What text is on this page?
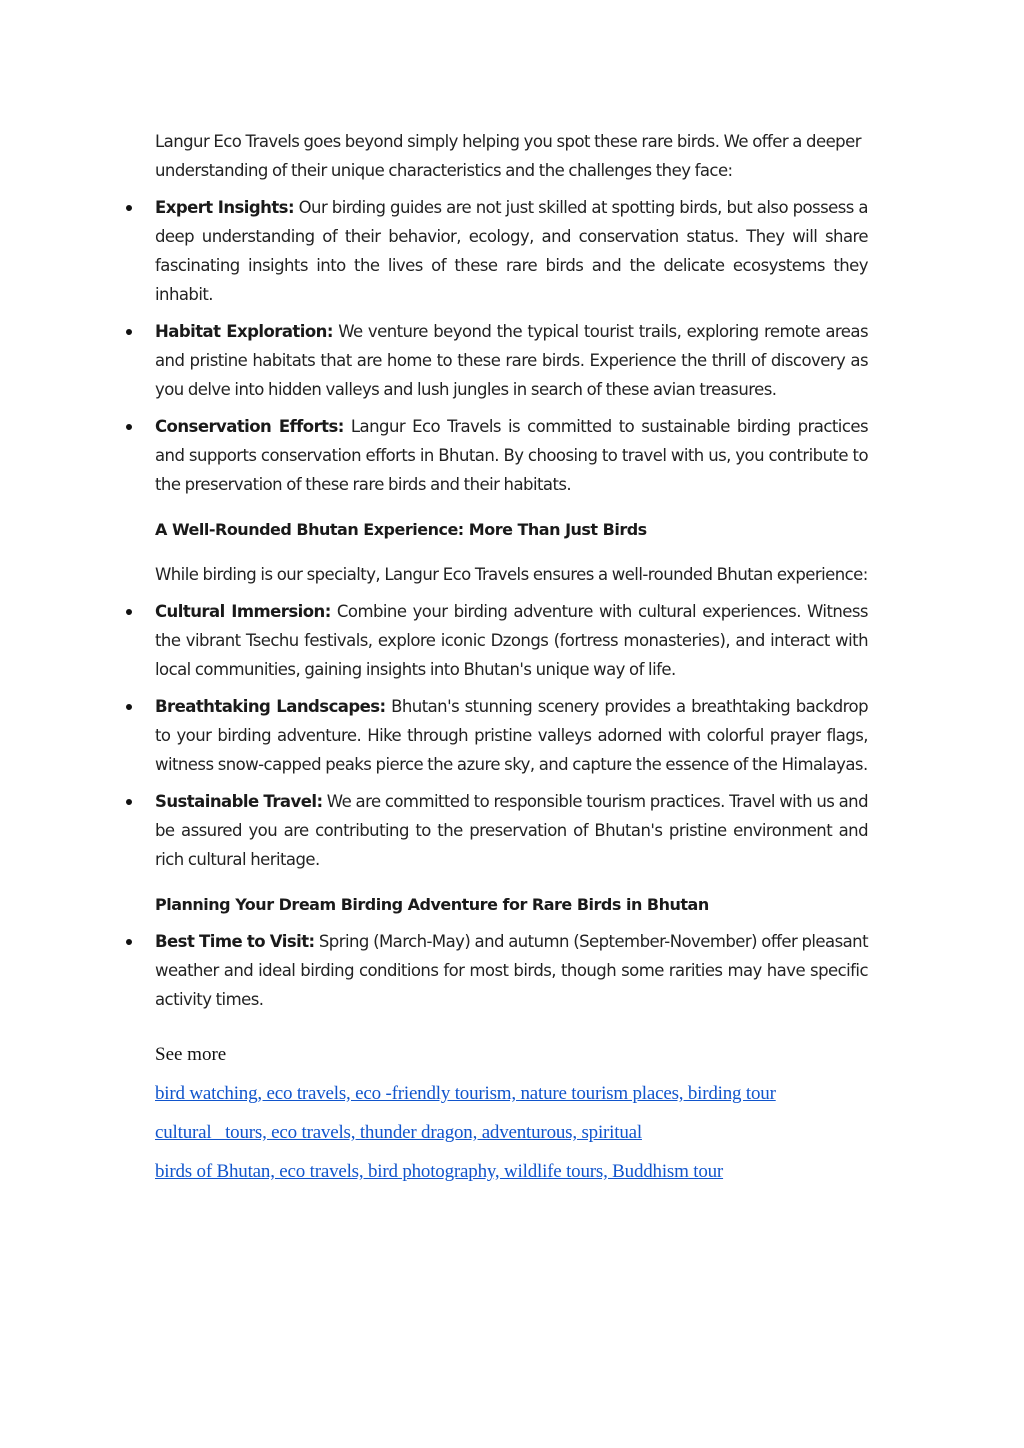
Langur Eco Travels goes beyond simply helping you spot these rare birds. We offer a deeper understanding of their unique characteristics and the challenges they face:

Expert Insights: Our birding guides are not just skilled at spotting birds, but also possess a deep understanding of their behavior, ecology, and conservation status. They will share fascinating insights into the lives of these rare birds and the delicate ecosystems they inhabit.
Habitat Exploration: We venture beyond the typical tourist trails, exploring remote areas and pristine habitats that are home to these rare birds. Experience the thrill of discovery as you delve into hidden valleys and lush jungles in search of these avian treasures.
Conservation Efforts: Langur Eco Travels is committed to sustainable birding practices and supports conservation efforts in Bhutan. By choosing to travel with us, you contribute to the preservation of these rare birds and their habitats.

A Well-Rounded Bhutan Experience: More Than Just Birds

While birding is our specialty, Langur Eco Travels ensures a well-rounded Bhutan experience:

Cultural Immersion: Combine your birding adventure with cultural experiences. Witness the vibrant Tsechu festivals, explore iconic Dzongs (fortress monasteries), and interact with local communities, gaining insights into Bhutan's unique way of life.
Breathtaking Landscapes: Bhutan's stunning scenery provides a breathtaking backdrop to your birding adventure. Hike through pristine valleys adorned with colorful prayer flags, witness snow-capped peaks pierce the azure sky, and capture the essence of the Himalayas.
Sustainable Travel: We are committed to responsible tourism practices. Travel with us and be assured you are contributing to the preservation of Bhutan's pristine environment and rich cultural heritage.

Planning Your Dream Birding Adventure for Rare Birds in Bhutan

Best Time to Visit: Spring (March-May) and autumn (September-November) offer pleasant weather and ideal birding conditions for most birds, though some rarities may have specific activity times.

See more

bird watching, eco travels, eco -friendly tourism, nature tourism places, birding tour
cultural   tours, eco travels, thunder dragon, adventurous, spiritual
birds of Bhutan, eco travels, bird photography, wildlife tours, Buddhism tour
